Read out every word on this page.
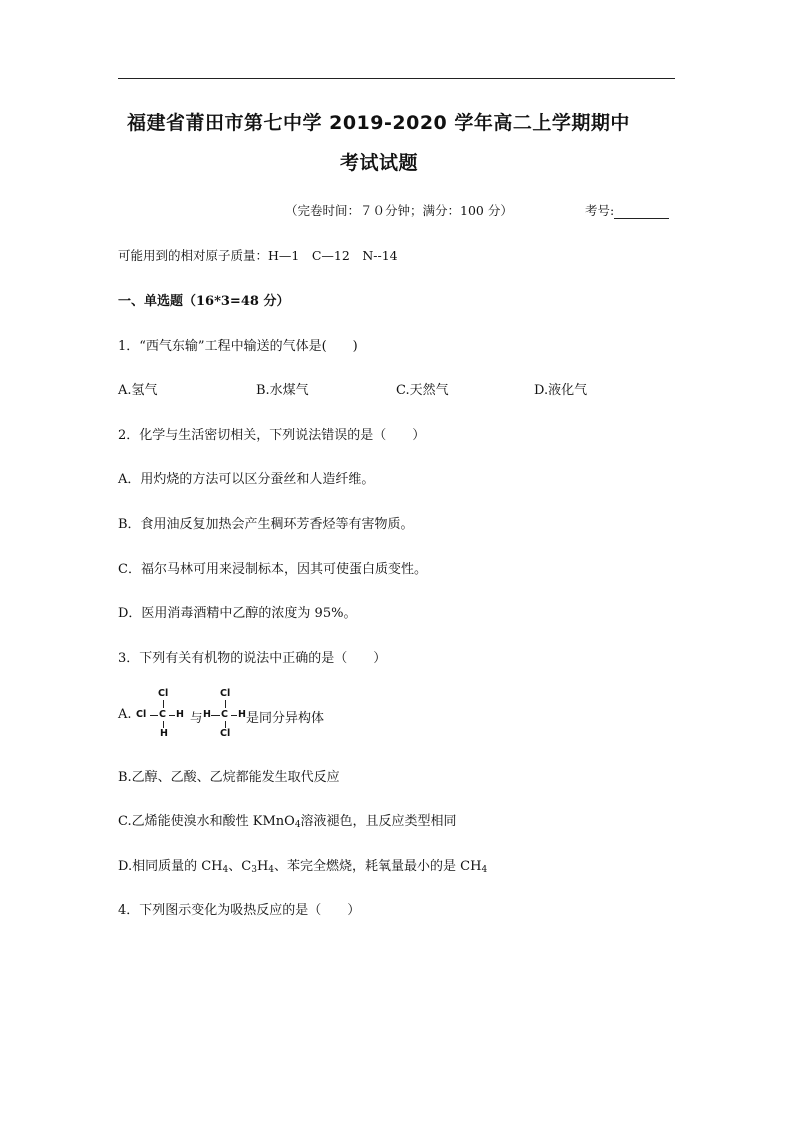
福建省莆田市第七中学 2019-2020 学年高二上学期期中
考试试题
（完卷时间：７０分钟；满分：100 分）	考号:
可能用到的相对原子质量：H—1　C—12　N--14
一、单选题（16*3=48 分）
1．“西气东输”工程中输送的气体是(　　)
A.氢气	B.水煤气	C.天然气	D.液化气
2．化学与生活密切相关，下列说法错误的是（　　）
A．用灼烧的方法可以区分蚕丝和人造纤维。
B．食用油反复加热会产生稠环芳香烃等有害物质。
C．福尔马林可用来浸制标本，因其可使蛋白质变性。
D．医用消毒酒精中乙醇的浓度为 95%。
3．下列有关有机物的说法中正确的是（　　）
A.
Cl
Cl C H
H
与
Cl
H C H
Cl
是同分异构体
B.乙醇、乙酸、乙烷都能发生取代反应
C.乙烯能使溴水和酸性 KMnO$_4$溶液褪色，且反应类型相同
D.相同质量的 $CH_4$、$C_3H_4$、苯完全燃烧，耗氧量最小的是 $CH_4$
4．下列图示变化为吸热反应的是（　　）
